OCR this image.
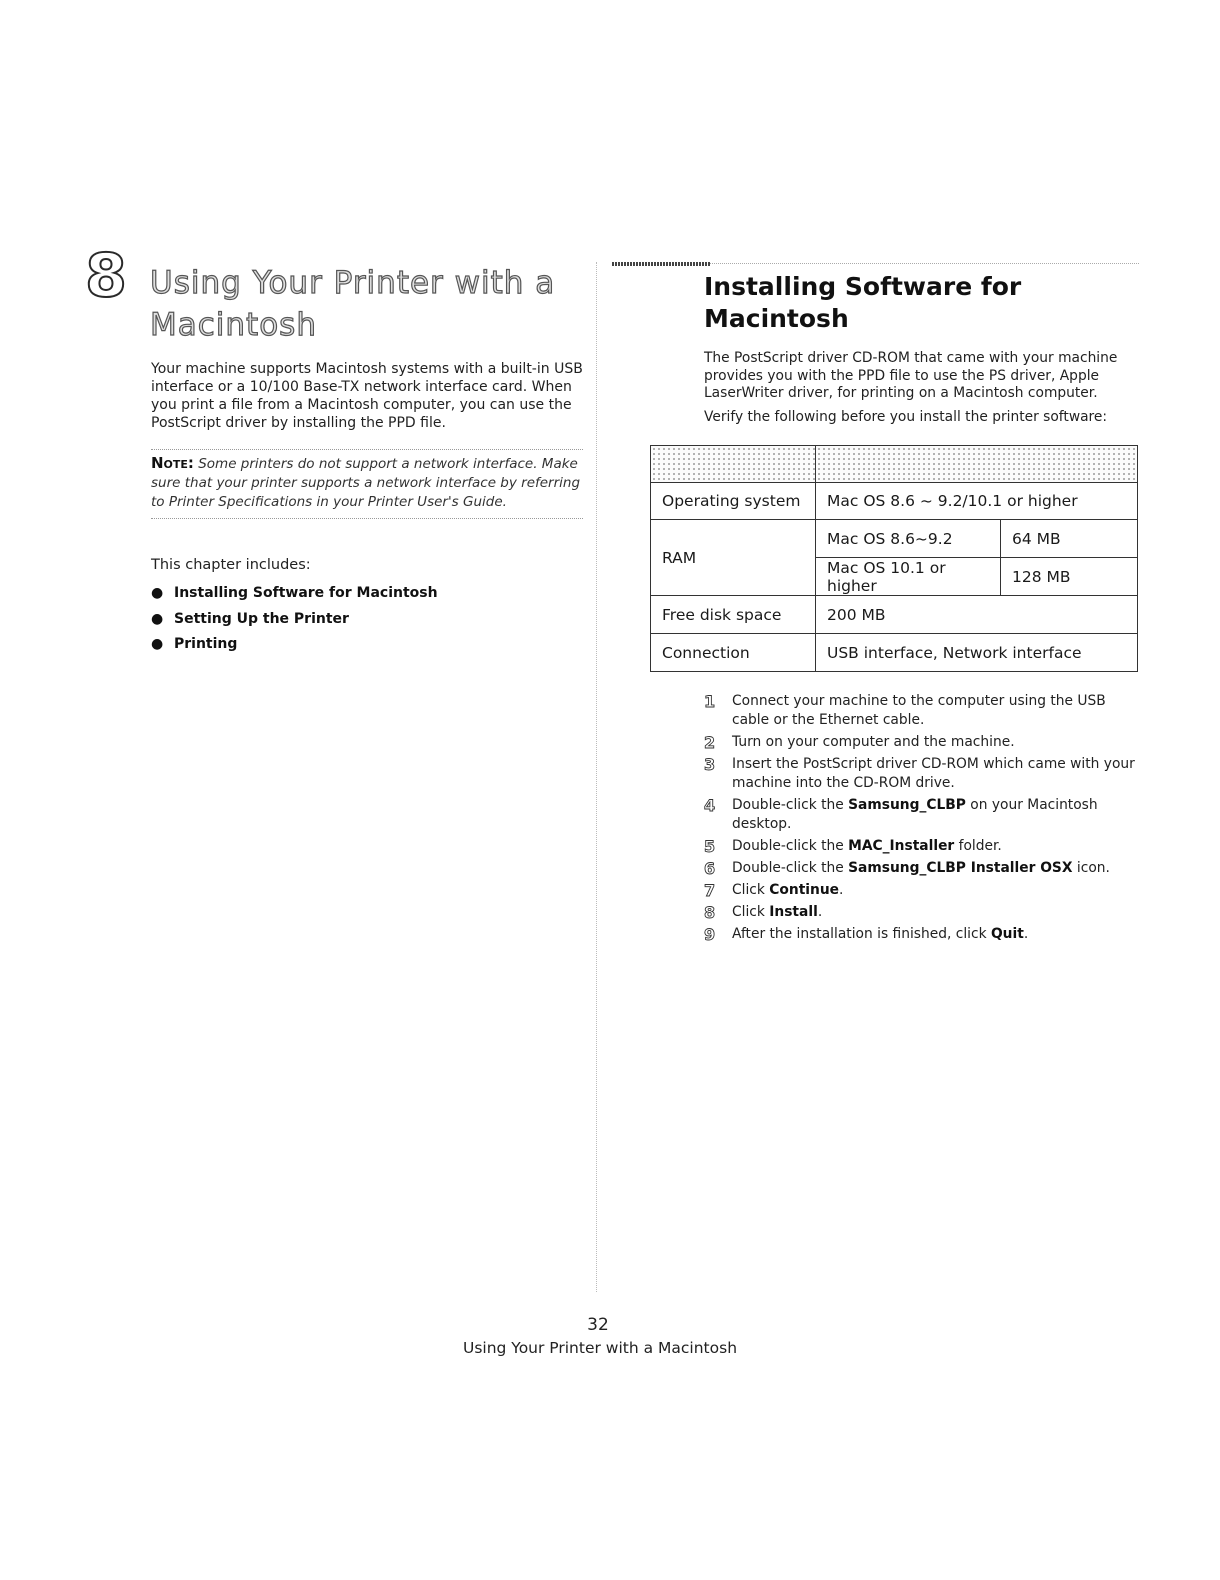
8 Using Your Printer with a Macintosh

Your machine supports Macintosh systems with a built-in USB interface or a 10/100 Base-TX network interface card. When you print a file from a Macintosh computer, you can use the PostScript driver by installing the PPD file.

Note: Some printers do not support a network interface. Make sure that your printer supports a network interface by referring to Printer Specifications in your Printer User's Guide.

This chapter includes:

● Installing Software for Macintosh
● Setting Up the Printer
● Printing
Installing Software for Macintosh

The PostScript driver CD-ROM that came with your machine provides you with the PPD file to use the PS driver, Apple LaserWriter driver, for printing on a Macintosh computer.

Verify the following before you install the printer software:

Operating system	Mac OS 8.6 ~ 9.2/10.1 or higher	
RAM	Mac OS 8.6~9.2	64 MB
	Mac OS 10.1 or higher	128 MB
Free disk space	200 MB	
Connection	USB interface, Network interface	
1 Connect your machine to the computer using the USB cable or the Ethernet cable.
2 Turn on your computer and the machine.
3 Insert the PostScript driver CD-ROM which came with your machine into the CD-ROM drive.
4 Double-click the Samsung_CLBP on your Macintosh desktop.
5 Double-click the MAC_Installer folder.
6 Double-click the Samsung_CLBP Installer OSX icon.
7 Click Continue.
8 Click Install.
9 After the installation is finished, click Quit.

32

Using Your Printer with a Macintosh
